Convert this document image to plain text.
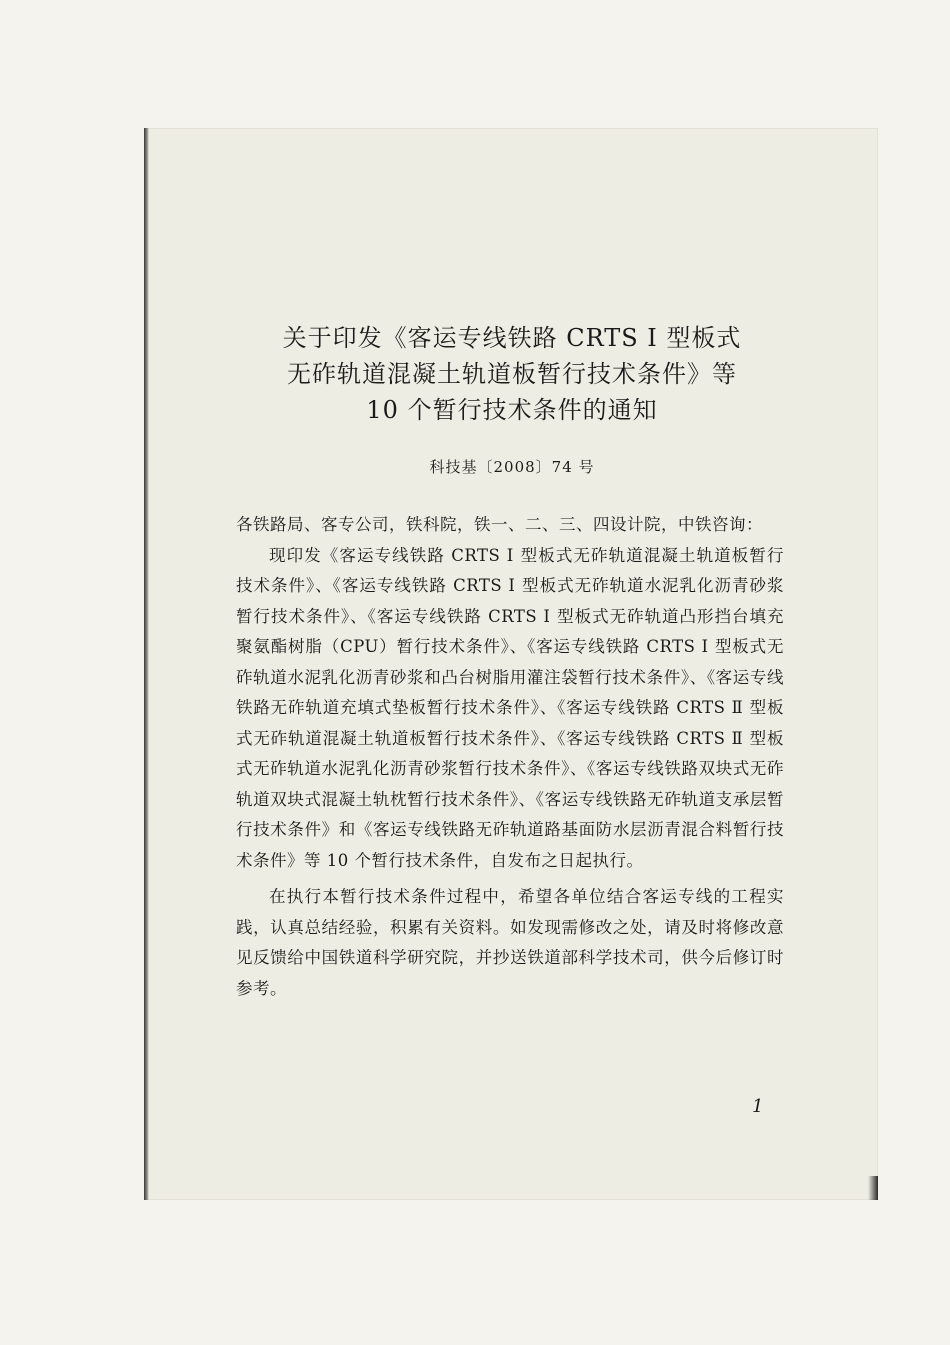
关于印发《客运专线铁路 CRTS Ⅰ 型板式
无砟轨道混凝土轨道板暂行技术条件》等
10 个暂行技术条件的通知
科技基〔2008〕74 号

各铁路局、客专公司，铁科院，铁一、二、三、四设计院，中铁咨询：

现印发《客运专线铁路 CRTS Ⅰ 型板式无砟轨道混凝土轨道板暂行技术条件》、《客运专线铁路 CRTS Ⅰ 型板式无砟轨道水泥乳化沥青砂浆暂行技术条件》、《客运专线铁路 CRTS Ⅰ 型板式无砟轨道凸形挡台填充聚氨酯树脂（CPU）暂行技术条件》、《客运专线铁路 CRTS Ⅰ 型板式无砟轨道水泥乳化沥青砂浆和凸台树脂用灌注袋暂行技术条件》、《客运专线铁路无砟轨道充填式垫板暂行技术条件》、《客运专线铁路 CRTS Ⅱ 型板式无砟轨道混凝土轨道板暂行技术条件》、《客运专线铁路 CRTS Ⅱ 型板式无砟轨道水泥乳化沥青砂浆暂行技术条件》、《客运专线铁路双块式无砟轨道双块式混凝土轨枕暂行技术条件》、《客运专线铁路无砟轨道支承层暂行技术条件》和《客运专线铁路无砟轨道路基面防水层沥青混合料暂行技术条件》等 10 个暂行技术条件，自发布之日起执行。

在执行本暂行技术条件过程中，希望各单位结合客运专线的工程实践，认真总结经验，积累有关资料。如发现需修改之处，请及时将修改意见反馈给中国铁道科学研究院，并抄送铁道部科学技术司，供今后修订时参考。

1
